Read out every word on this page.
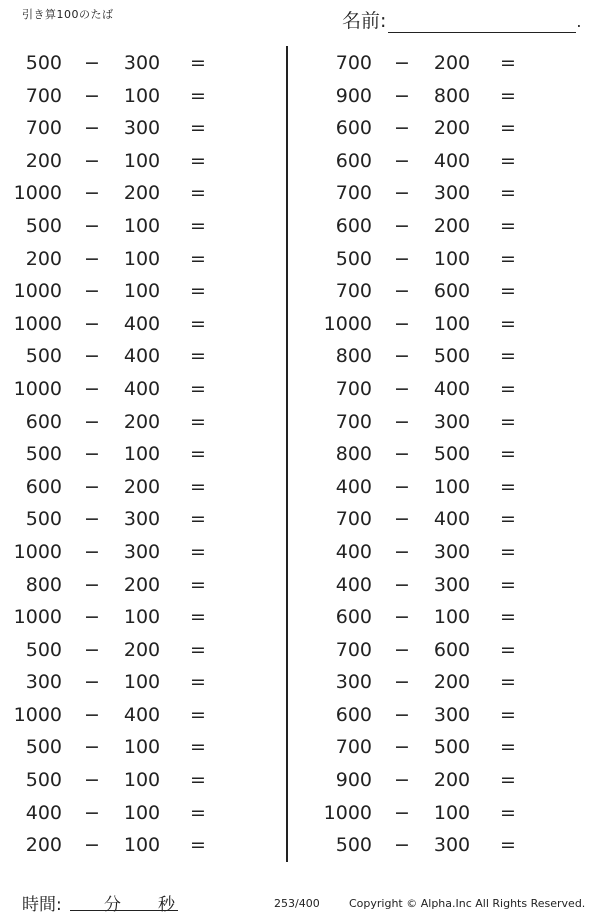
引き算100のたば	名前:	.
500 −	300	=
700 −	100	=
700 −	300	=
200 −	100	=
1000 −	200	=
500 −	100	=
200 −	100	=
1000 −	100	=
1000 −	400	=
500 −	400	=
1000 −	400	=
600 −	200	=
500 −	100	=
600 −	200	=
500 −	300	=
1000 −	300	=
800 −	200	=
1000 −	100	=
500 −	200	=
300 −	100	=
1000 −	400	=
500 −	100	=
500 −	100	=
400 −	100	=
200 −	100	=
700 −	200	=
900 −	800	=
600 −	200	=
600 −	400	=
700 −	300	=
600 −	200	=
500 −	100	=
700 −	600	=
1000 −	100	=
800 −	500	=
700 −	400	=
700 −	300	=
800 −	500	=
400 −	100	=
700 −	400	=
400 −	300	=
400 −	300	=
600 −	100	=
700 −	600	=
300 −	200	=
600 −	300	=
700 −	500	=
900 −	200	=
1000 −	100	=
500 −	300	=
時間: 分 秒	253/400	Copyright © Alpha.Inc All Rights Reserved.
